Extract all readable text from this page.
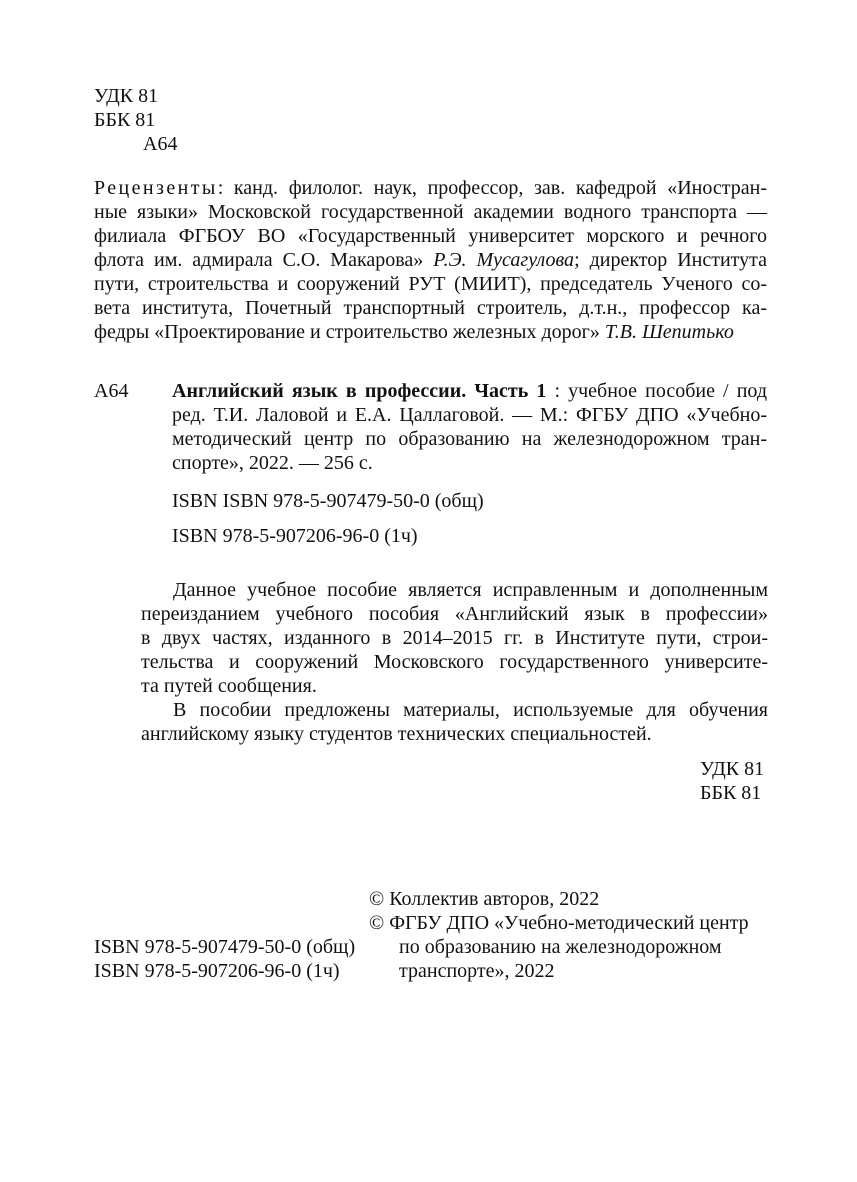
УДК 81
ББК 81
А64
Рецензенты: канд. филолог. наук, профессор, зав. кафедрой «Иностран-
ные языки» Московской государственной академии водного транспорта —
филиала ФГБОУ ВО «Государственный университет морского и речного
флота им. адмирала С.О. Макарова» Р.Э. Мусагулова; директор Института
пути, строительства и сооружений РУТ (МИИТ), председатель Ученого со-
вета института, Почетный транспортный строитель, д.т.н., профессор ка-
федры «Проектирование и строительство железных дорог» Т.В. Шепитько
А64 Английский язык в профессии. Часть 1 : учебное пособие / под
ред. Т.И. Лаловой и Е.А. Цаллаговой. — М.: ФГБУ ДПО «Учебно-
методический центр по образованию на железнодорожном тран-
спорте», 2022. — 256 с.
ISBN ISBN 978-5-907479-50-0 (общ)
ISBN 978-5-907206-96-0 (1ч)
Данное учебное пособие является исправленным и дополненным
переизданием учебного пособия «Английский язык в профессии»
в двух частях, изданного в 2014–2015 гг. в Институте пути, строи-
тельства и сооружений Московского государственного университе-
та путей сообщения.
В пособии предложены материалы, используемые для обучения
английскому языку студентов технических специальностей.
УДК 81
ББК 81
© Коллектив авторов, 2022
© ФГБУ ДПО «Учебно-методический центр
по образованию на железнодорожном
транспорте», 2022
ISBN 978-5-907479-50-0 (общ)
ISBN 978-5-907206-96-0 (1ч)
